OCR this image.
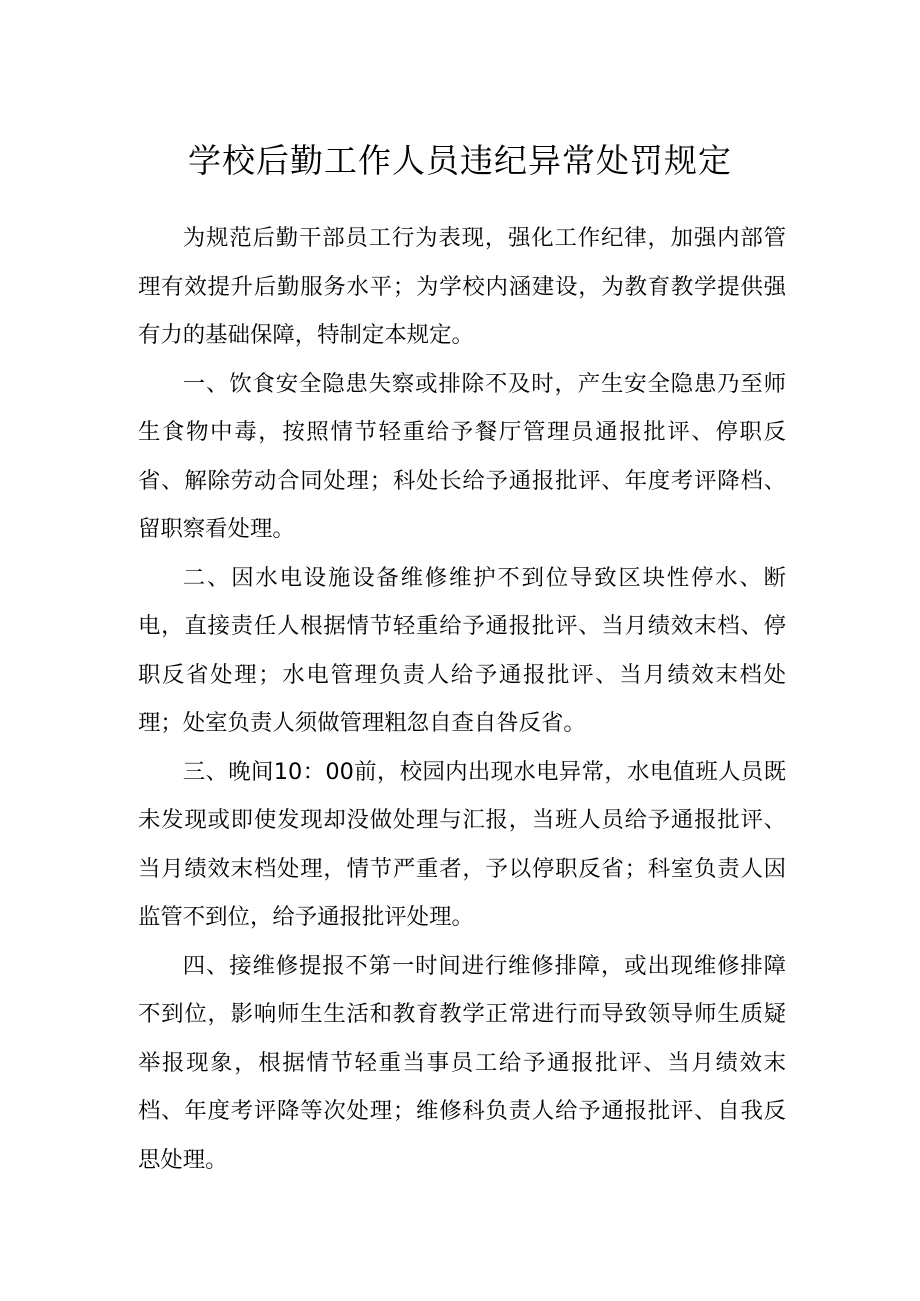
学校后勤工作人员违纪异常处罚规定

为规范后勤干部员工行为表现，强化工作纪律，加强内部管理有效提升后勤服务水平；为学校内涵建设，为教育教学提供强有力的基础保障，特制定本规定。

一、饮食安全隐患失察或排除不及时，产生安全隐患乃至师生食物中毒，按照情节轻重给予餐厅管理员通报批评、停职反省、解除劳动合同处理；科处长给予通报批评、年度考评降档、留职察看处理。

二、因水电设施设备维修维护不到位导致区块性停水、断电，直接责任人根据情节轻重给予通报批评、当月绩效末档、停职反省处理；水电管理负责人给予通报批评、当月绩效末档处理；处室负责人须做管理粗忽自查自咎反省。

三、晚间10：00前，校园内出现水电异常，水电值班人员既未发现或即使发现却没做处理与汇报，当班人员给予通报批评、当月绩效末档处理，情节严重者，予以停职反省；科室负责人因监管不到位，给予通报批评处理。

四、接维修提报不第一时间进行维修排障，或出现维修排障不到位，影响师生生活和教育教学正常进行而导致领导师生质疑举报现象，根据情节轻重当事员工给予通报批评、当月绩效末档、年度考评降等次处理；维修科负责人给予通报批评、自我反思处理。
